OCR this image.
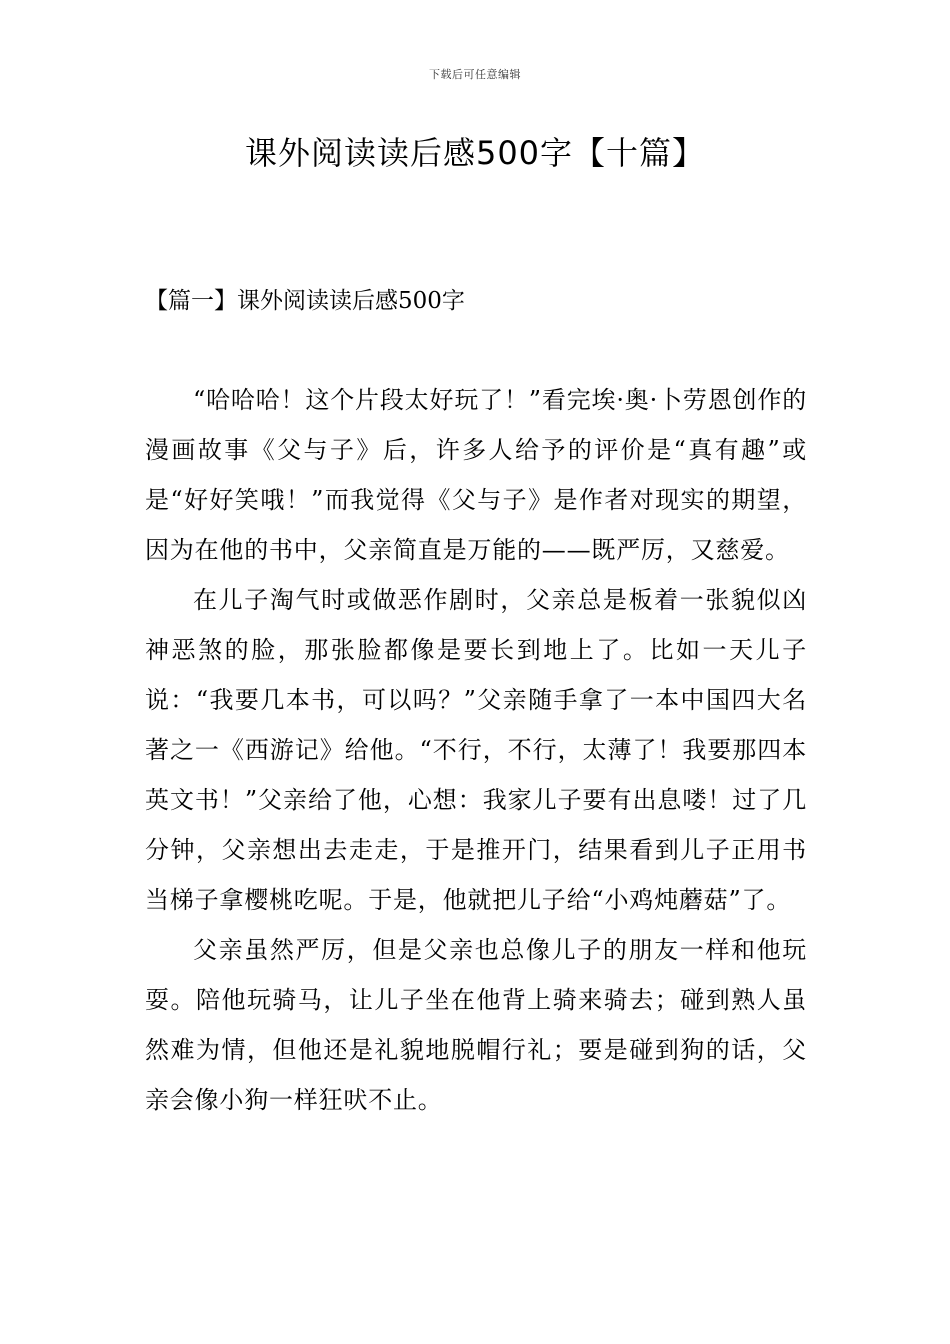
下载后可任意编辑
课外阅读读后感500字【十篇】
【篇一】课外阅读读后感500字

“哈哈哈！这个片段太好玩了！”看完埃·奥·卜劳恩创作的漫画故事《父与子》后，许多人给予的评价是“真有趣”或是“好好笑哦！”而我觉得《父与子》是作者对现实的期望，因为在他的书中，父亲简直是万能的——既严厉，又慈爱。

在儿子淘气时或做恶作剧时，父亲总是板着一张貌似凶神恶煞的脸，那张脸都像是要长到地上了。比如一天儿子说：“我要几本书，可以吗？”父亲随手拿了一本中国四大名著之一《西游记》给他。“不行，不行，太薄了！我要那四本英文书！”父亲给了他，心想：我家儿子要有出息喽！过了几分钟，父亲想出去走走，于是推开门，结果看到儿子正用书当梯子拿樱桃吃呢。于是，他就把儿子给“小鸡炖蘑菇”了。

父亲虽然严厉，但是父亲也总像儿子的朋友一样和他玩耍。陪他玩骑马，让儿子坐在他背上骑来骑去；碰到熟人虽然难为情，但他还是礼貌地脱帽行礼；要是碰到狗的话，父亲会像小狗一样狂吠不止。
